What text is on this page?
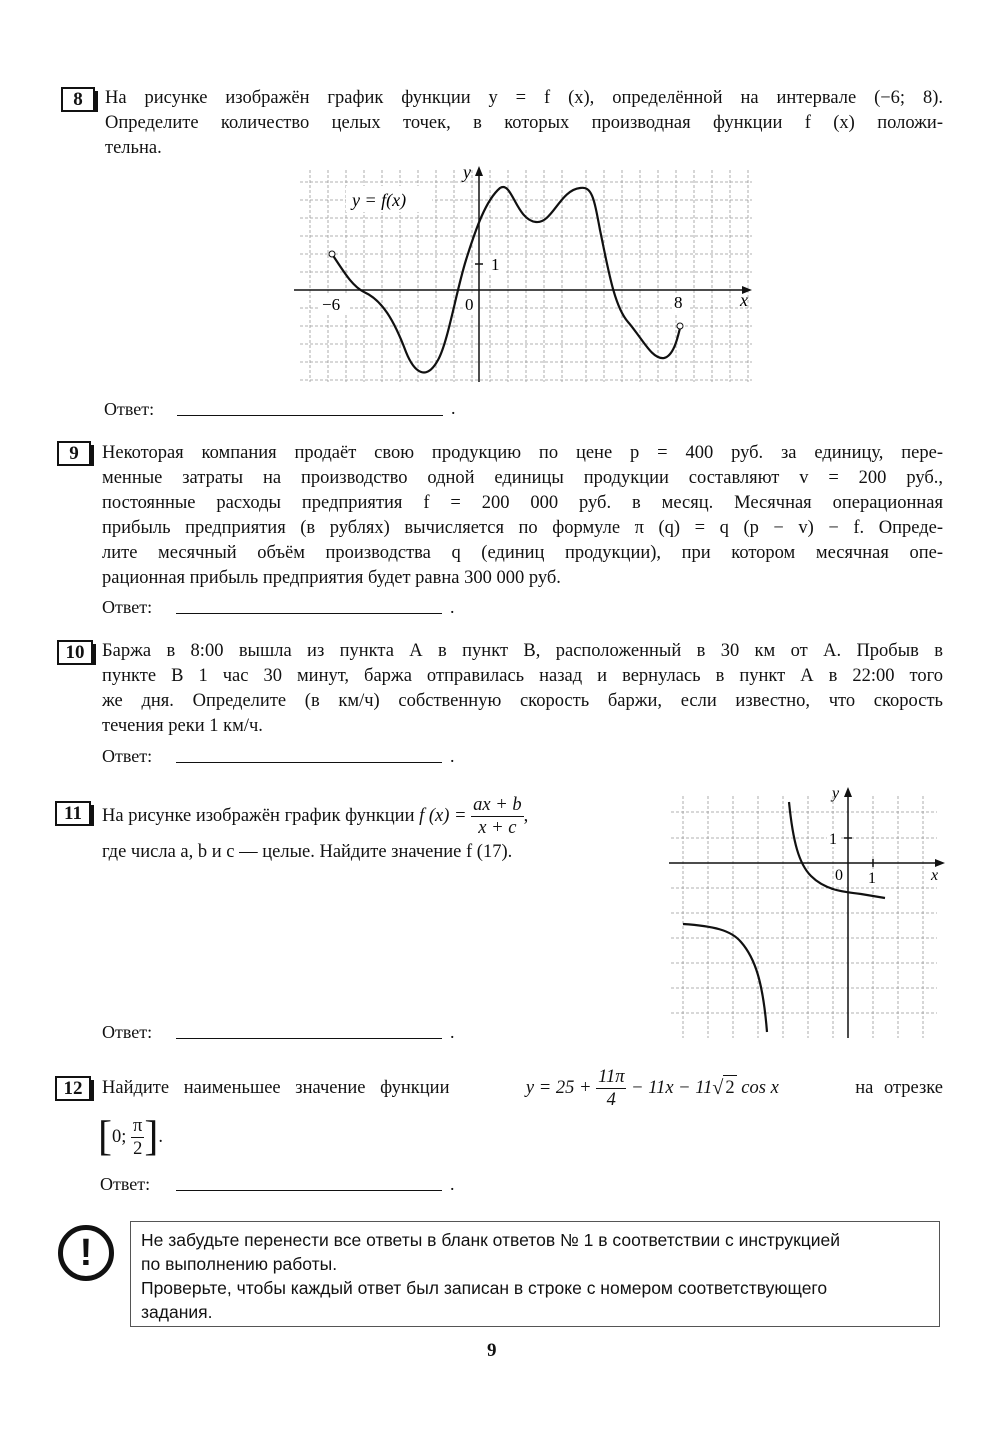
8	На рисунке изображён график функции y = f (x), определённой на интервале (−6; 8).
Определите количество целых точек, в которых производная функции f (x) положи-
тельна.
y = f(x)
y
x
1
−6	0	8
Ответ:	.
9	Некоторая компания продаёт свою продукцию по цене p = 400 руб. за единицу, пере-
менные затраты на производство одной единицы продукции составляют v = 200 руб.,
постоянные расходы предприятия f = 200 000 руб. в месяц. Месячная операционная
прибыль предприятия (в рублях) вычисляется по формуле π (q) = q (p − v) − f. Опреде-
лите месячный объём производства q (единиц продукции), при котором месячная опе-
рационная прибыль предприятия будет равна 300 000 руб.
Ответ:	.
10 Баржа в 8:00 вышла из пункта А в пункт В, расположенный в 30 км от А. Пробыв в
пункте В 1 час 30 минут, баржа отправилась назад и вернулась в пункт А в 22:00 того
же дня. Определите (в км/ч) собственную скорость баржи, если известно, что скорость
течения реки 1 км/ч.
Ответ:	.
11	На рисунке изображён график функции
f (x) =
$\frac{ax + b}{x + c}$ ,
где числа a, b и c — целые. Найдите значение f (17).
y
x
1
0 1
Ответ:	.
12	Найдите наименьшее значение функции	y = 25 +
$\frac{11\pi}{4}$
− 11x − 11 √ 2
cos x	на отрезке
[ 0;
$\frac{\pi}{2}$ ] .
Ответ:	.
!	Не забудьте перенести все ответы в бланк ответов № 1 в соответствии с инструкцией
по выполнению работы.
Проверьте, чтобы каждый ответ был записан в строке с номером соответствующего
задания.
9
